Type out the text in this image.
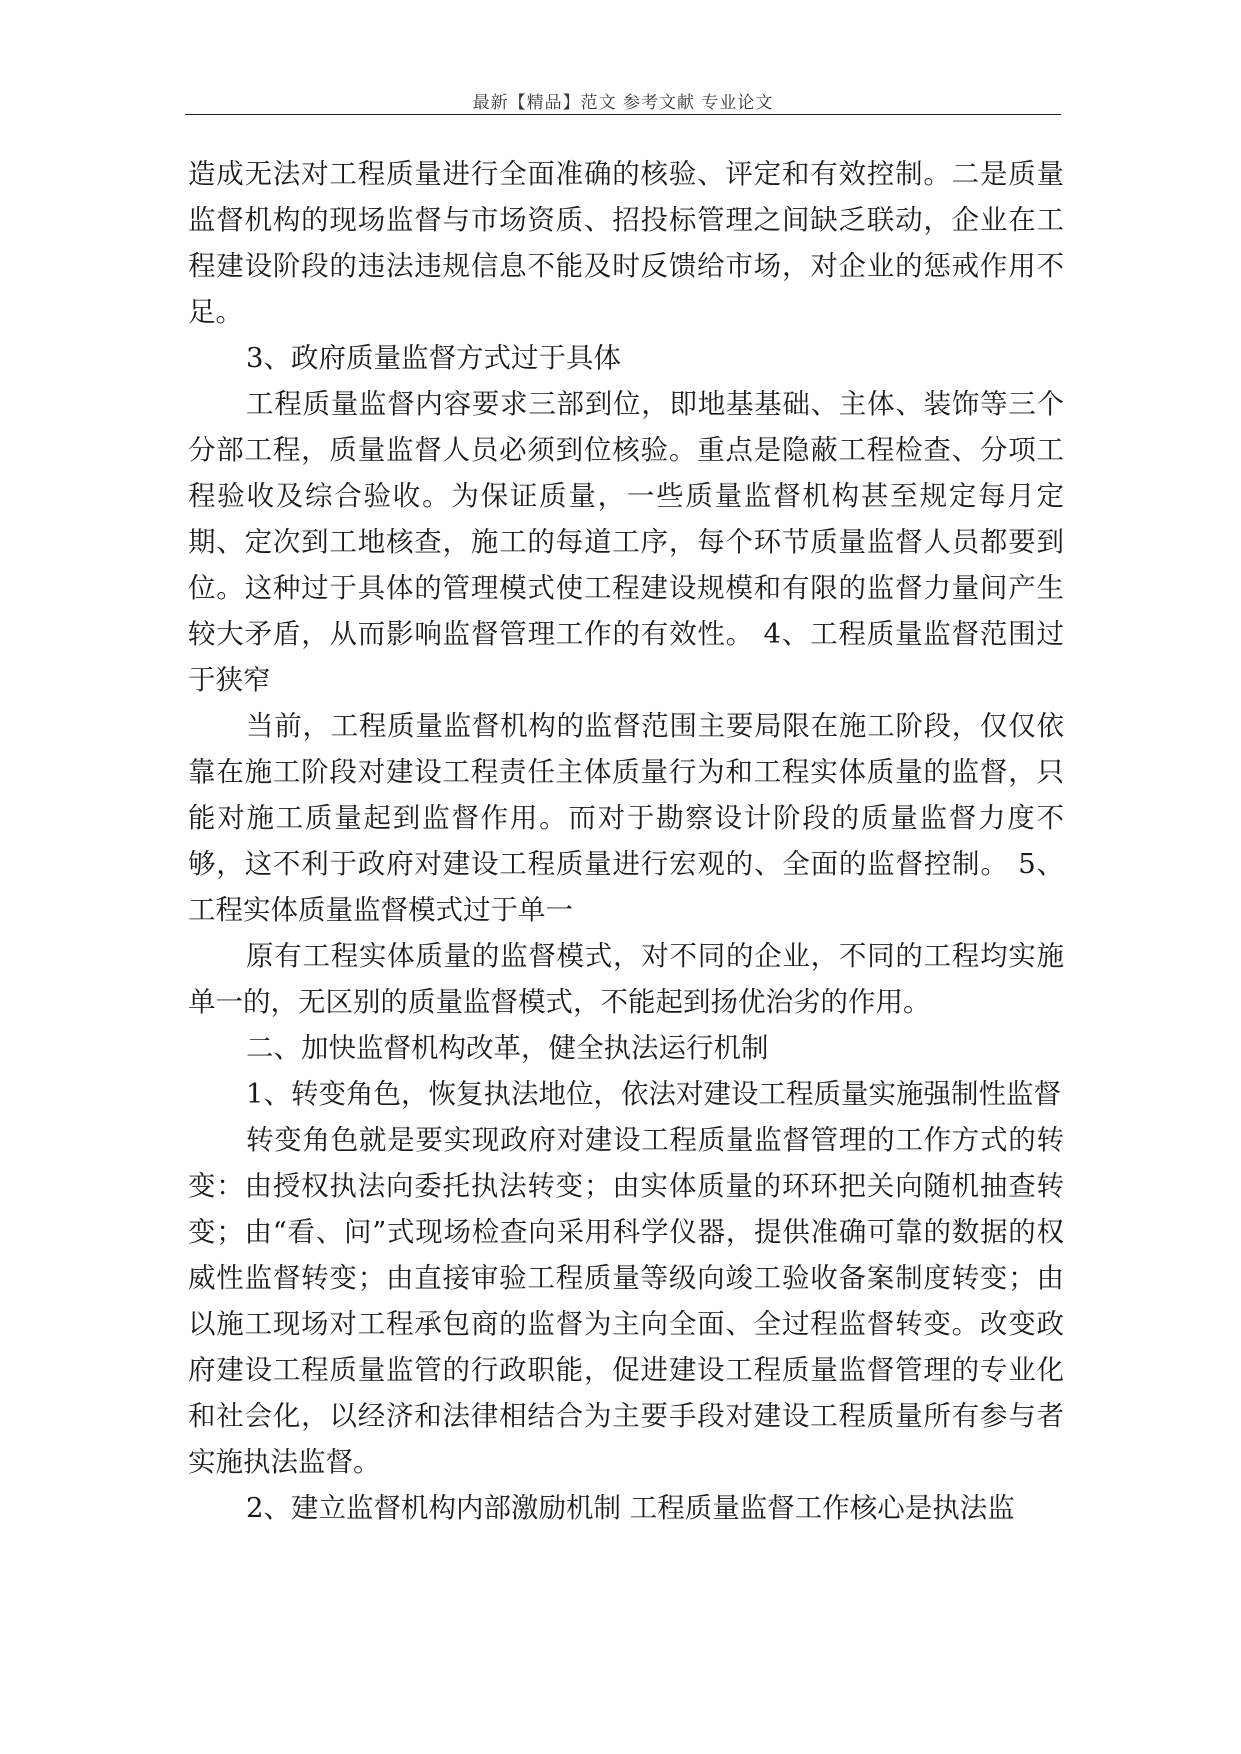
最新【精品】范文 参考文献 专业论文

造成无法对工程质量进行全面准确的核验、评定和有效控制。二是质量监督机构的现场监督与市场资质、招投标管理之间缺乏联动，企业在工程建设阶段的违法违规信息不能及时反馈给市场，对企业的惩戒作用不足。

3、政府质量监督方式过于具体

工程质量监督内容要求三部到位，即地基基础、主体、装饰等三个分部工程，质量监督人员必须到位核验。重点是隐蔽工程检查、分项工程验收及综合验收。为保证质量，一些质量监督机构甚至规定每月定期、定次到工地核查，施工的每道工序，每个环节质量监督人员都要到位。这种过于具体的管理模式使工程建设规模和有限的监督力量间产生较大矛盾，从而影响监督管理工作的有效性。 4、工程质量监督范围过于狭窄

当前，工程质量监督机构的监督范围主要局限在施工阶段，仅仅依靠在施工阶段对建设工程责任主体质量行为和工程实体质量的监督，只能对施工质量起到监督作用。而对于勘察设计阶段的质量监督力度不够，这不利于政府对建设工程质量进行宏观的、全面的监督控制。 5、工程实体质量监督模式过于单一

原有工程实体质量的监督模式，对不同的企业，不同的工程均实施单一的，无区别的质量监督模式，不能起到扬优治劣的作用。

二、加快监督机构改革，健全执法运行机制

1、转变角色，恢复执法地位，依法对建设工程质量实施强制性监督

转变角色就是要实现政府对建设工程质量监督管理的工作方式的转变：由授权执法向委托执法转变；由实体质量的环环把关向随机抽查转变；由“看、问”式现场检查向采用科学仪器，提供准确可靠的数据的权威性监督转变；由直接审验工程质量等级向竣工验收备案制度转变；由以施工现场对工程承包商的监督为主向全面、全过程监督转变。改变政府建设工程质量监管的行政职能，促进建设工程质量监督管理的专业化和社会化，以经济和法律相结合为主要手段对建设工程质量所有参与者实施执法监督。

2、建立监督机构内部激励机制 工程质量监督工作核心是执法监
